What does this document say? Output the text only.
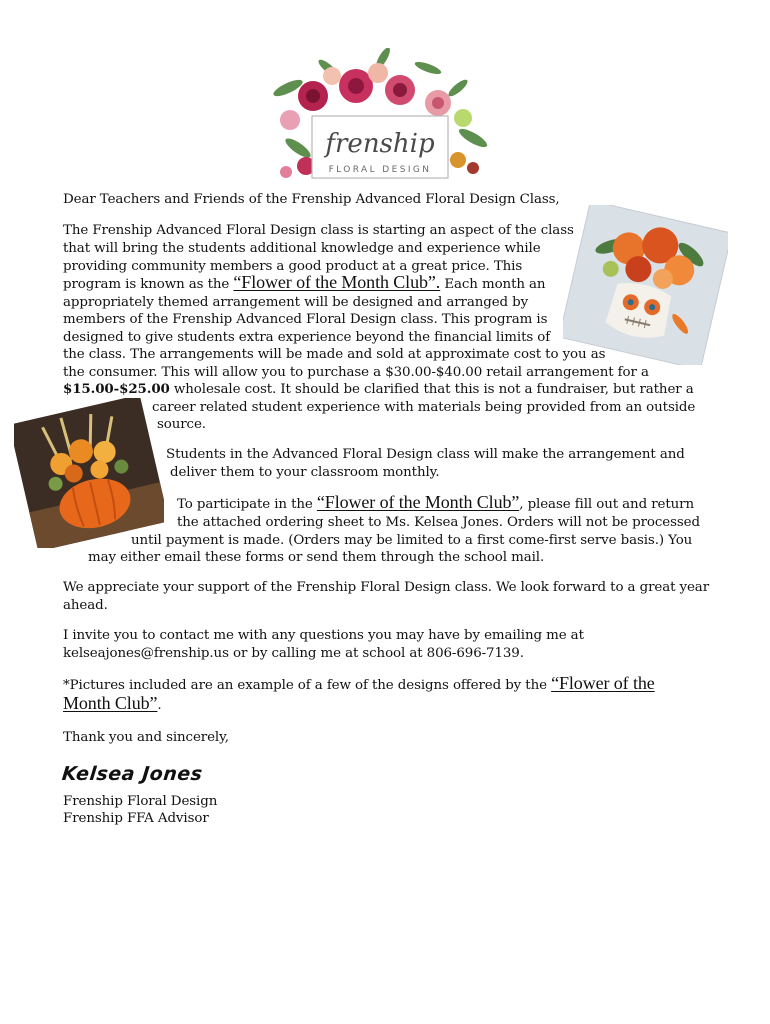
frenship
FLORAL DESIGN
Dear Teachers and Friends of the Frenship Advanced Floral Design Class,
The Frenship Advanced Floral Design class is starting an aspect of the class
that will bring the students additional knowledge and experience while
providing community members a good product at a great price. This
program is known as the “Flower of the Month Club”. Each month an
appropriately themed arrangement will be designed and arranged by
members of the Frenship Advanced Floral Design class. This program is
designed to give students extra experience beyond the financial limits of
the class. The arrangements will be made and sold at approximate cost to you as
the consumer. This will allow you to purchase a $30.00-$40.00 retail arrangement for a
$15.00-$25.00 wholesale cost. It should be clarified that this is not a fundraiser, but rather a
career related student experience with materials being provided from an outside
source.
Students in the Advanced Floral Design class will make the arrangement and
deliver them to your classroom monthly.
To participate in the “Flower of the Month Club”, please fill out and return
the attached ordering sheet to Ms. Kelsea Jones. Orders will not be processed
until payment is made. (Orders may be limited to a first come-first serve basis.) You
may either email these forms or send them through the school mail.
We appreciate your support of the Frenship Floral Design class. We look forward to a great year
ahead.
I invite you to contact me with any questions you may have by emailing me at
kelseajones@frenship.us or by calling me at school at 806-696-7139.
*Pictures included are an example of a few of the designs offered by the “Flower of the
Month Club”.
Thank you and sincerely,
Kelsea Jones
Frenship Floral Design
Frenship FFA Advisor
